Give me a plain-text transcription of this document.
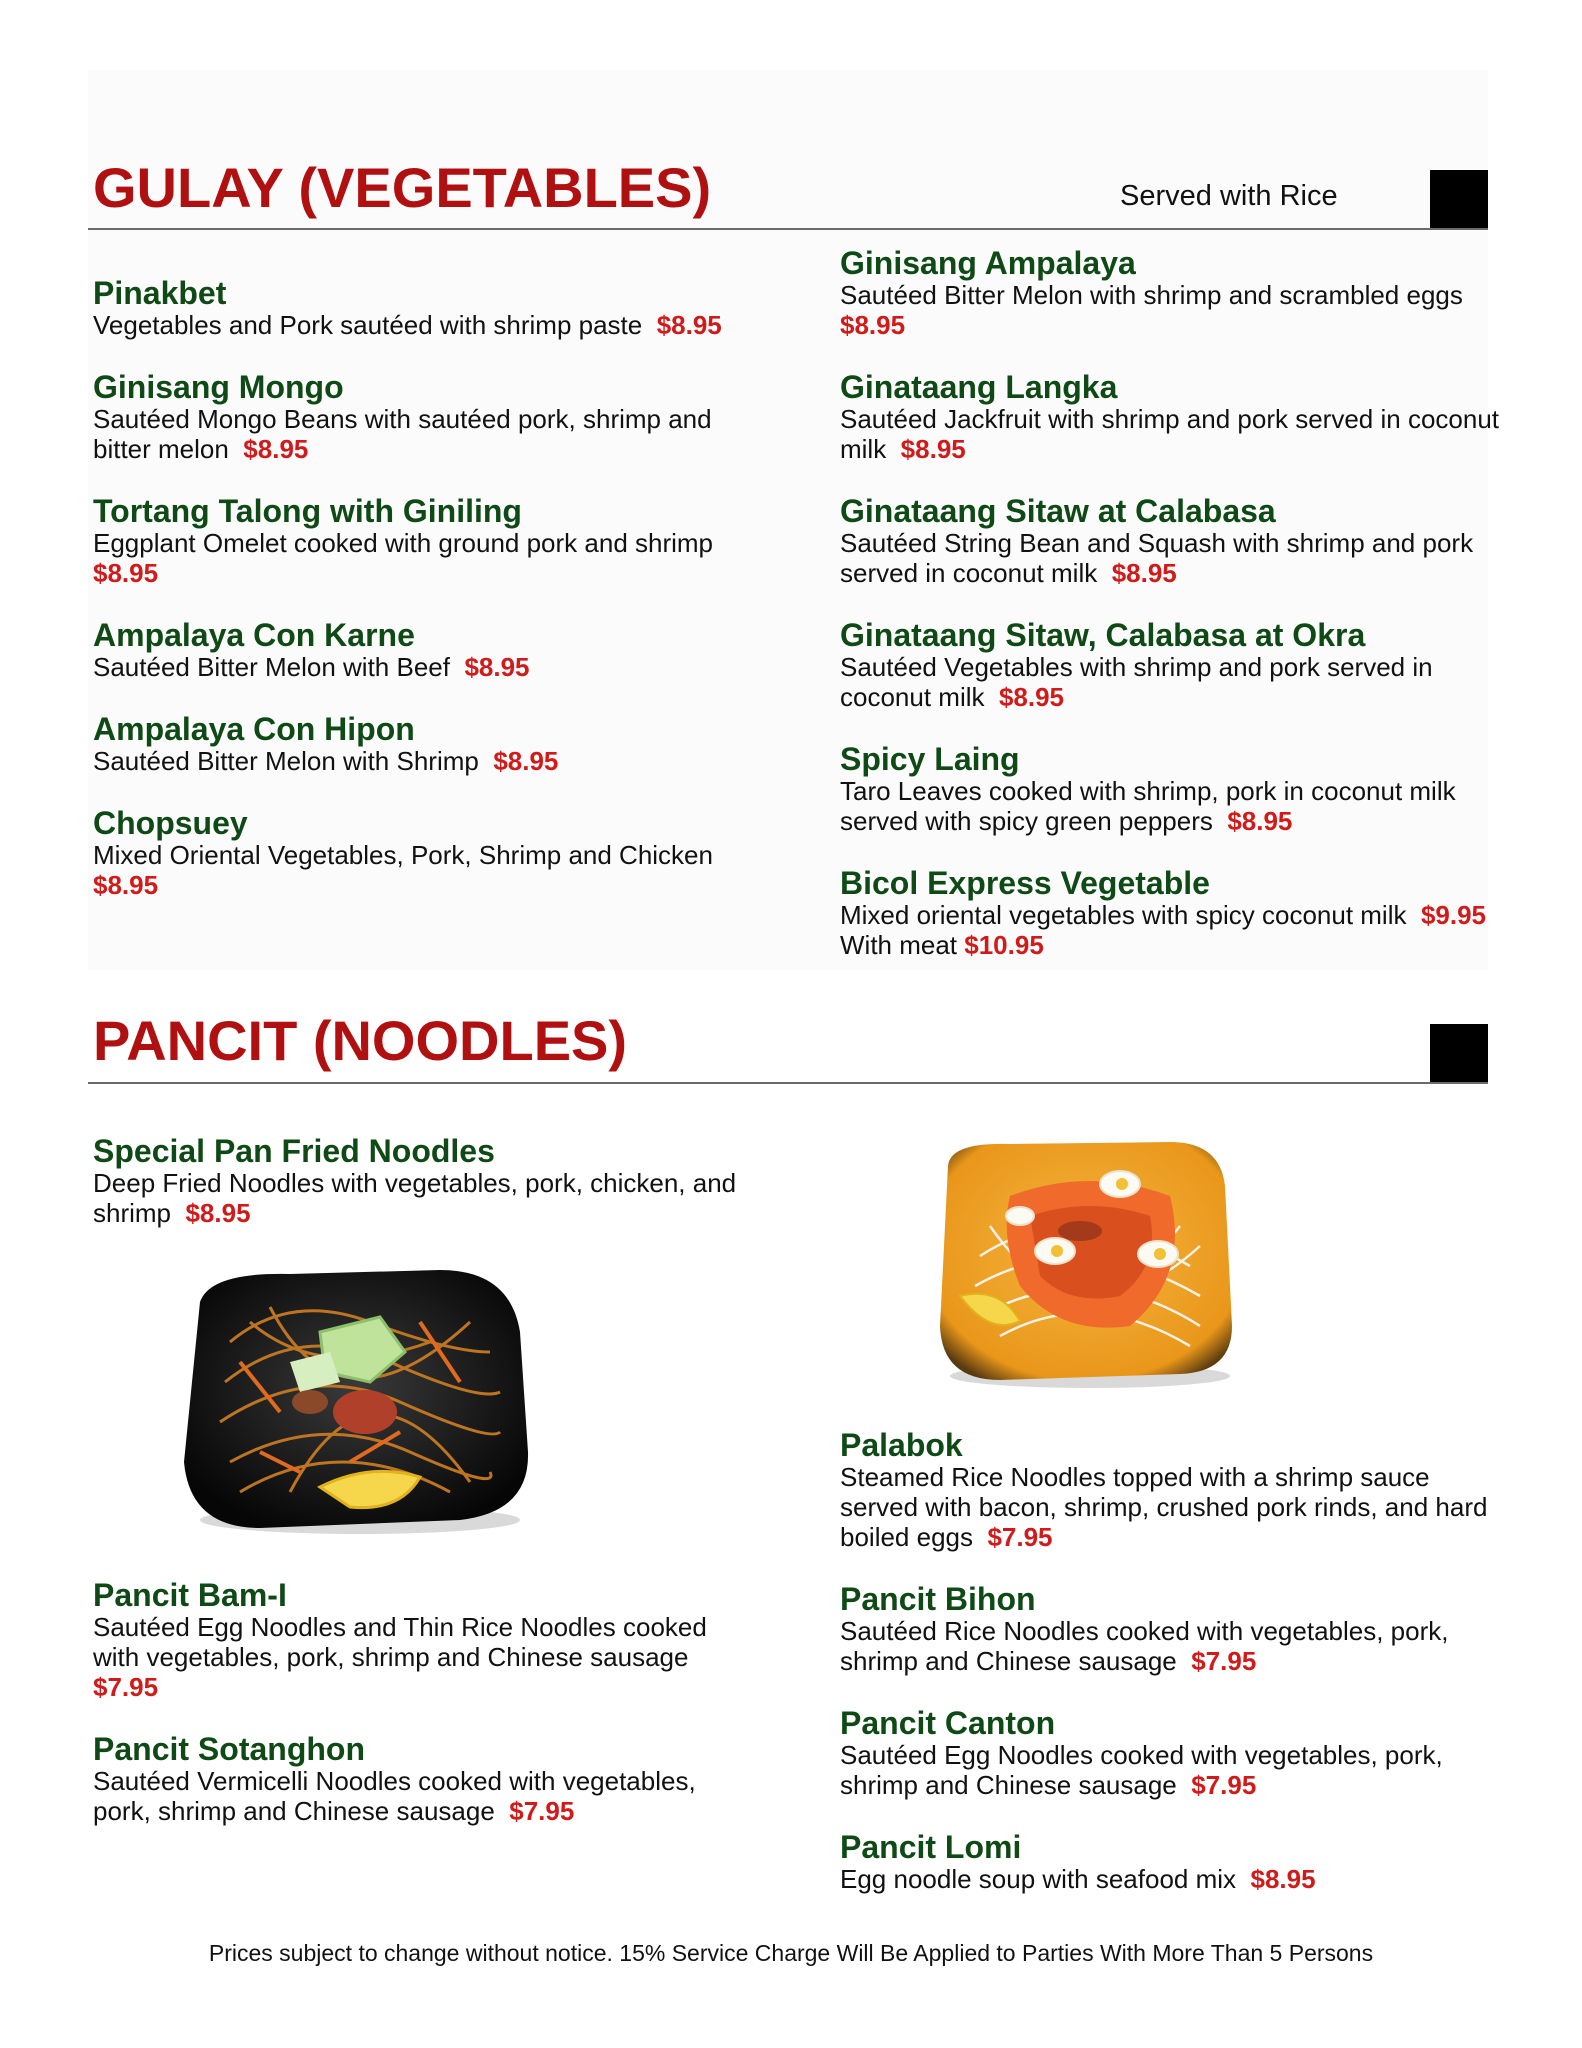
GULAY (VEGETABLES)	Served with Rice
Pinakbet
Vegetables and Pork sautéed with shrimp paste $8.95
Ginisang Mongo
Sautéed Mongo Beans with sautéed pork, shrimp and bitter melon $8.95
Tortang Talong with Giniling
Eggplant Omelet cooked with ground pork and shrimp  $8.95
Ampalaya Con Karne
Sautéed Bitter Melon with Beef $8.95
Ampalaya Con Hipon
Sautéed Bitter Melon with Shrimp $8.95
Chopsuey
Mixed Oriental Vegetables, Pork, Shrimp and Chicken  $8.95
Ginisang Ampalaya
Sautéed Bitter Melon with shrimp and scrambled eggs  $8.95
Ginataang Langka
Sautéed Jackfruit with shrimp and pork served in coconut milk $8.95
Ginataang Sitaw at Calabasa
Sautéed String Bean and Squash with shrimp and pork served in coconut milk $8.95
Ginataang Sitaw, Calabasa at Okra
Sautéed Vegetables with shrimp and pork served in coconut milk $8.95
Spicy Laing
Taro Leaves cooked with shrimp, pork in coconut milk served with spicy green peppers $8.95
Bicol Express Vegetable
Mixed oriental vegetables with spicy coconut milk $9.95
With meat $10.95
PANCIT (NOODLES)
Special Pan Fried Noodles
Deep Fried Noodles with vegetables, pork, chicken, and shrimp $8.95
Pancit Bam-I
Sautéed Egg Noodles and Thin Rice Noodles cooked with vegetables, pork, shrimp and Chinese sausage  $7.95
Pancit Sotanghon
Sautéed Vermicelli Noodles cooked with vegetables, pork, shrimp and Chinese sausage $7.95
Palabok
Steamed Rice Noodles topped with a shrimp sauce served with bacon, shrimp, crushed pork rinds, and hard boiled eggs $7.95
Pancit Bihon
Sautéed Rice Noodles cooked with vegetables, pork, shrimp and Chinese sausage $7.95
Pancit Canton
Sautéed Egg Noodles cooked with vegetables, pork, shrimp and Chinese sausage $7.95
Pancit Lomi
Egg noodle soup with seafood mix $8.95
Prices subject to change without notice. 15% Service Charge Will Be Applied to Parties With More Than 5 Persons
